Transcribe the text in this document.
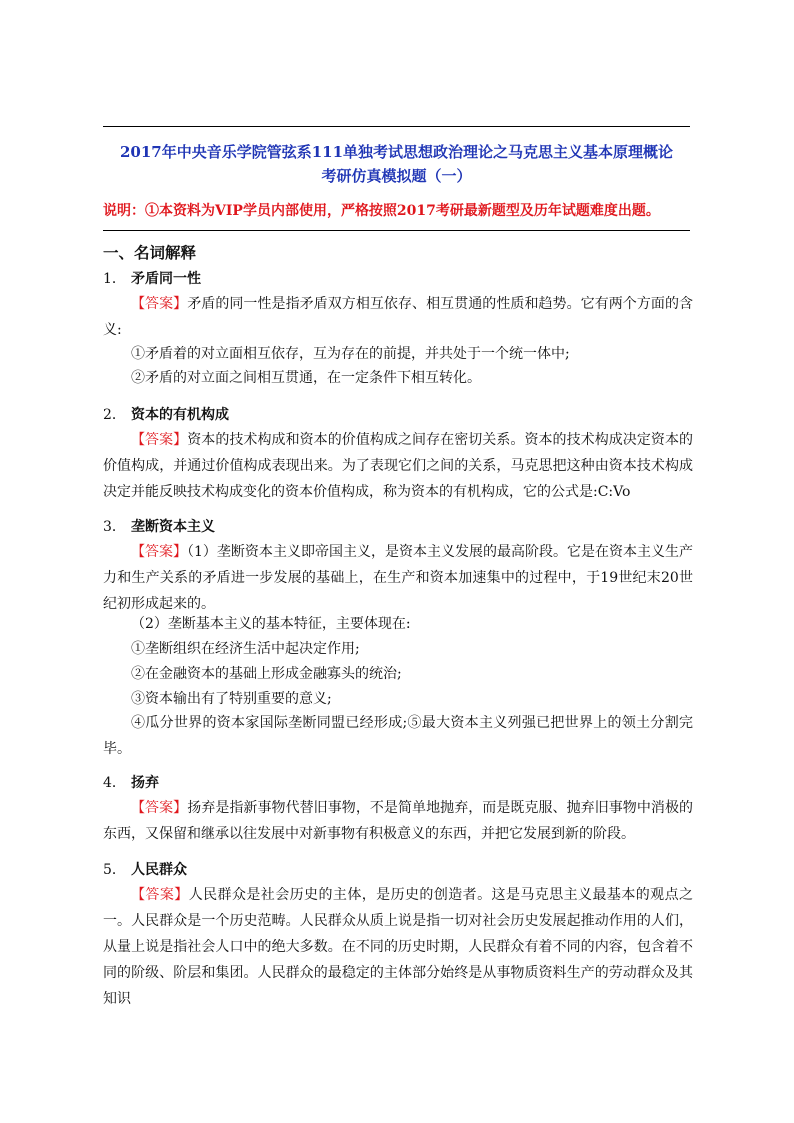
2017年中央音乐学院管弦系111单独考试思想政治理论之马克思主义基本原理概论
考研仿真模拟题（一）
说明：①本资料为VIP学员内部使用，严格按照2017考研最新题型及历年试题难度出题。
一、名词解释
1． 矛盾同一性
【答案】矛盾的同一性是指矛盾双方相互依存、相互贯通的性质和趋势。它有两个方面的含义:
①矛盾着的对立面相互依存，互为存在的前提，并共处于一个统一体中;
②矛盾的对立面之间相互贯通，在一定条件下相互转化。
2． 资本的有机构成
【答案】资本的技术构成和资本的价值构成之间存在密切关系。资本的技术构成决定资本的价值构成，并通过价值构成表现出来。为了表现它们之间的关系，马克思把这种由资本技术构成决定并能反映技术构成变化的资本价值构成，称为资本的有机构成，它的公式是:C:Vo
3． 垄断资本主义
【答案】（1）垄断资本主义即帝国主义，是资本主义发展的最高阶段。它是在资本主义生产力和生产关系的矛盾进一步发展的基础上，在生产和资本加速集中的过程中，于19世纪末20世纪初形成起来的。
（2）垄断基本主义的基本特征，主要体现在:
①垄断组织在经济生活中起决定作用;
②在金融资本的基础上形成金融寡头的统治;
③资本输出有了特别重要的意义;
④瓜分世界的资本家国际垄断同盟已经形成;⑤最大资本主义列强已把世界上的领土分割完毕。
4． 扬弃
【答案】扬弃是指新事物代替旧事物，不是简单地抛弃，而是既克服、抛弃旧事物中消极的东西，又保留和继承以往发展中对新事物有积极意义的东西，并把它发展到新的阶段。
5． 人民群众
【答案】人民群众是社会历史的主体，是历史的创造者。这是马克思主义最基本的观点之一。人民群众是一个历史范畴。人民群众从质上说是指一切对社会历史发展起推动作用的人们，从量上说是指社会人口中的绝大多数。在不同的历史时期，人民群众有着不同的内容，包含着不同的阶级、阶层和集团。人民群众的最稳定的主体部分始终是从事物质资料生产的劳动群众及其知识
